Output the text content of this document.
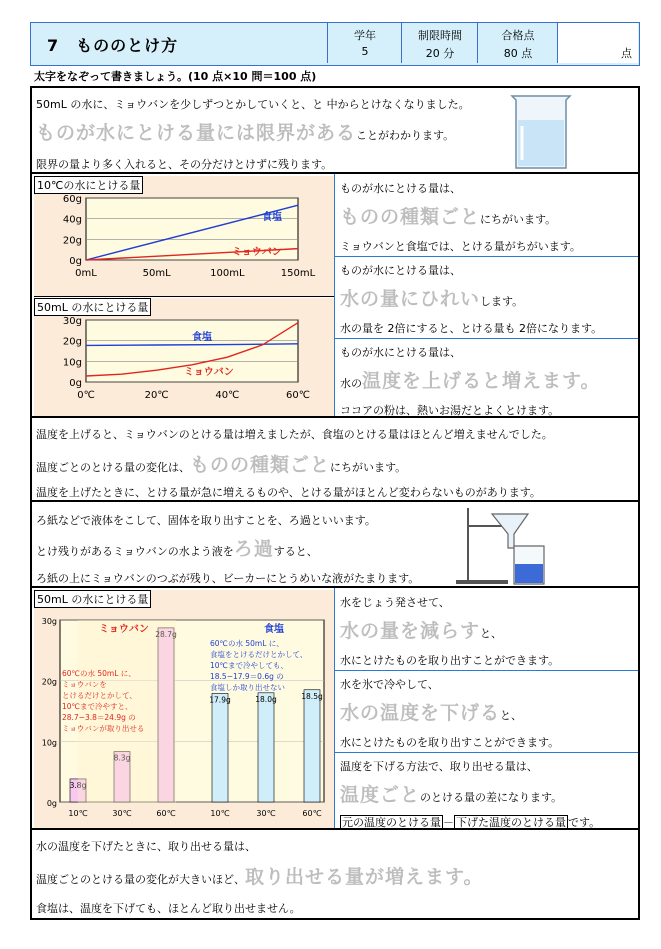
7　もののとけ方
学年
5
制限時間
20 分
合格点
80 点	点
太字をなぞって書きましょう。(10 点×10 問＝100 点)
50mL の水に、ミョウバンを少しずつとかしていくと、と 中からとけなくなりました。
ものが水にとける量には限界があることがわかります。
限界の量より多く入れると、その分だけとけずに残ります。
0g
20g
40g
60g
0mL	50mL	100mL	150mL
食塩
ミョウバン
10℃の水にとける量
0g
10g
20g
30g
0℃	20℃	40℃	60℃
食塩
ミョウバン
50mL の水にとける量
ものが水にとける量は、
ものの種類ごとにちがいます。
ミョウバンと食塩では、とける量がちがいます。
ものが水にとける量は、
水の量にひれいします。
水の量を 2倍にすると、とける量も 2倍になります。
ものが水にとける量は、
水の温度を上げると増えます。
ココアの粉は、熱いお湯だとよくとけます。
温度を上げると、ミョウバンのとける量は増えましたが、食塩のとける量はほとんど増えませんでした。
温度ごとのとける量の変化は、ものの種類ごとにちがいます。
温度を上げたときに、とける量が急に増えるものや、とける量がほとんど変わらないものがあります。
ろ紙などで液体をこして、固体を取り出すことを、ろ過といいます。
とけ残りがあるミョウバンの水よう液をろ過すると、
ろ紙の上にミョウバンのつぶが残り、ビーカーにとうめいな液がたまります。
0g
10g
20g
30g
3.8g
10℃
8.3g
30℃
28.7g
60℃
17.9g
10℃
18.0g
30℃
18.5g
60℃
ミョウバン	食塩
60℃の水 50mL に、
ミョウバンを
とけるだけとかして、
10℃まで冷やすと、
28.7−3.8＝24.9g の
ミョウバンが取り出せる
60℃の水 50mL に、
食塩をとけるだけとかして、
10℃まで冷やしても、
18.5−17.9＝0.6g の
食塩しか取り出せない
50mL の水にとける量	水をじょう発させて、
水の量を減らすと、
水にとけたものを取り出すことができます。
水を氷で冷やして、
水の温度を下げると、
水にとけたものを取り出すことができます。
温度を下げる方法で、取り出せる量は、
温度ごとのとける量の差になります。
元の温度のとける量 － 下げた温度のとける量 です。
水の温度を下げたときに、取り出せる量は、
温度ごとのとける量の変化が大きいほど、取り出せる量が増えます。
食塩は、温度を下げても、ほとんど取り出せません。
